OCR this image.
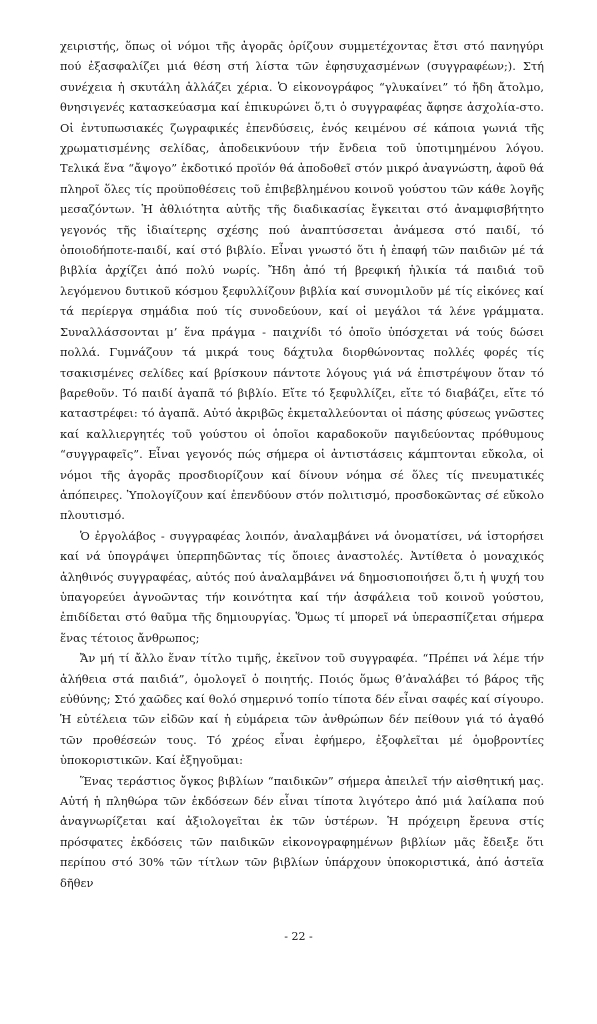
χειριστής, ὅπως οἱ νόμοι τῆς ἀγορᾶς ὁρίζουν συμμετέχοντας ἔτσι στό πανηγύρι πού ἐξασφαλίζει μιά θέση στή λίστα τῶν ἐφησυχασμένων (συγγραφέων;). Στή συνέχεια ἡ σκυτάλη ἀλλάζει χέρια. Ὁ εἰκονογράφος “γλυκαίνει” τό ἤδη ἄτολμο, θνησιγενές κατασκεύασμα καί ἐπικυρώνει ὅ,τι ὁ συγγραφέας ἄφησε ἀσχολία-στο. Οἱ ἐντυπωσιακές ζωγραφικές ἐπενδύσεις, ἑνός κειμένου σέ κάποια γωνιά τῆς χρωματισμένης σελίδας, ἀποδεικνύουν τήν ἔνδεια τοῦ ὑποτιμημένου λόγου. Τελικά ἕνα “ἄψογο” ἐκδοτικό προϊόν θά ἀποδοθεῖ στόν μικρό ἀναγνώστη, ἀφοῦ θά πληροῖ ὅλες τίς προϋποθέσεις τοῦ ἐπιβεβλημένου κοινοῦ γούστου τῶν κάθε λογῆς μεσαζόντων. Ἡ ἀθλιότητα αὐτῆς τῆς διαδικασίας ἔγκειται στό ἀναμφισβήτητο γεγονός τῆς ἰδιαίτερης σχέσης πού ἀναπτύσσεται ἀνάμεσα στό παιδί, τό ὁποιοδήποτε-παιδί, καί στό βιβλίο. Εἶναι γνωστό ὅτι ἡ ἐπαφή τῶν παιδιῶν μέ τά βιβλία ἀρχίζει ἀπό πολύ νωρίς. Ἤδη ἀπό τή βρεφική ἡλικία τά παιδιά τοῦ λεγόμενου δυτικοῦ κόσμου ξεφυλλίζουν βιβλία καί συνομιλοῦν μέ τίς εἰκόνες καί τά περίεργα σημάδια πού τίς συνοδεύουν, καί οἱ μεγάλοι τά λένε γράμματα. Συναλλάσσονται μ’ ἕνα πράγμα - παιχνίδι τό ὁποῖο ὑπόσχεται νά τούς δώσει πολλά. Γυμνάζουν τά μικρά τους δάχτυλα διορθώνοντας πολλές φορές τίς τσακισμένες σελίδες καί βρίσκουν πάντοτε λόγους γιά νά ἐπιστρέψουν ὅταν τό βαρεθοῦν. Τό παιδί ἀγαπᾶ τό βιβλίο. Εἴτε τό ξεφυλλίζει, εἴτε τό διαβάζει, εἴτε τό καταστρέφει: τό ἀγαπᾶ. Αὐτό ἀκριβῶς ἐκμεταλλεύονται οἱ πάσης φύσεως γνῶστες καί καλλιεργητές τοῦ γούστου οἱ ὁποῖοι καραδοκοῦν παγιδεύοντας πρόθυμους “συγγραφεῖς”. Εἶναι γεγονός πώς σήμερα οἱ ἀντιστάσεις κάμπτονται εὔκολα, οἱ νόμοι τῆς ἀγορᾶς προσδιορίζουν καί δίνουν νόημα σέ ὅλες τίς πνευματικές ἀπόπειρες. Ὑπολογίζουν καί ἐπενδύουν στόν πολιτισμό, προσδοκῶντας σέ εὔκολο πλουτισμό.

Ὁ ἐργολάβος - συγγραφέας λοιπόν, ἀναλαμβάνει νά ὀνοματίσει, νά ἱστορήσει καί νά ὑπογράψει ὑπερπηδῶντας τίς ὅποιες ἀναστολές. Ἀντίθετα ὁ μοναχικός ἀληθινός συγγραφέας, αὐτός πού ἀναλαμβάνει νά δημοσιοποιήσει ὅ,τι ἡ ψυχή του ὑπαγορεύει ἀγνοῶντας τήν κοινότητα καί τήν ἀσφάλεια τοῦ κοινοῦ γούστου, ἐπιδίδεται στό θαῦμα τῆς δημιουργίας. Ὅμως τί μπορεῖ νά ὑπερασπίζεται σήμερα ἕνας τέτοιος ἄνθρωπος;

Ἄν μή τί ἄλλο ἕναν τίτλο τιμῆς, ἐκεῖνον τοῦ συγγραφέα. “Πρέπει νά λέμε τήν ἀλήθεια στά παιδιά”, ὁμολογεῖ ὁ ποιητής. Ποιός ὅμως θ’ἀναλάβει τό βάρος τῆς εὐθύνης; Στό χαῶδες καί θολό σημερινό τοπίο τίποτα δέν εἶναι σαφές καί σίγουρο. Ἡ εὐτέλεια τῶν εἰδῶν καί ἡ εὐμάρεια τῶν ἀνθρώπων δέν πείθουν γιά τό ἀγαθό τῶν προθέσεών τους. Τό χρέος εἶναι ἐφήμερο, ἐξοφλεῖται μέ ὁμοβροντίες ὑποκοριστικῶν. Καί ἐξηγοῦμαι:

Ἕνας τεράστιος ὄγκος βιβλίων “παιδικῶν” σήμερα ἀπειλεῖ τήν αἰσθητική μας. Αὐτή ἡ πληθώρα τῶν ἐκδόσεων δέν εἶναι τίποτα λιγότερο ἀπό μιά λαίλαπα πού ἀναγνωρίζεται καί ἀξιολογεῖται ἐκ τῶν ὑστέρων. Ἡ πρόχειρη ἔρευνα στίς πρόσφατες ἐκδόσεις τῶν παιδικῶν εἰκονογραφημένων βιβλίων μᾶς ἔδειξε ὅτι περίπου στό 30% τῶν τίτλων τῶν βιβλίων ὑπάρχουν ὑποκοριστικά, ἀπό ἀστεῖα δῆθεν

- 22 -
